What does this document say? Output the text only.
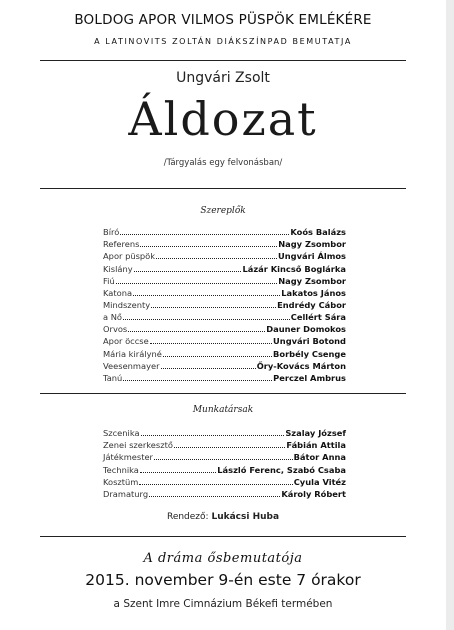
BOLDOG APOR VILMOS PÜSPÖK EMLÉKÉRE
A LATINOVITS ZOLTÁN DIÁKSZÍNPAD BEMUTATJA
Ungvári Zsolt
Áldozat
/Tárgyalás egy felvonásban/
Szereplők
Bíró	Koós Balázs
Referens	Nagy Zsombor
Apor püspök	Ungvári Álmos
Kislány	Lázár Kincső Boglárka
Fiú	Nagy Zsombor
Katona	Lakatos János
Mindszenty	Endrédy Cábor
a Nő	Cellért Sára
Orvos	Dauner Domokos
Apor öccse	Ungvári Botond
Mária királyné	Borbély Csenge
Veesenmayer	Őry-Kovács Márton
Tanú	Perczel Ambrus
Munkatársak
Szcenika	Szalay József
Zenei szerkesztő	Fábián Attila
Játékmester	Bátor Anna
Technika	László Ferenc, Szabó Csaba
Kosztüm	Cyula Vitéz
Dramaturg	Károly Róbert
Rendező: Lukácsi Huba
A dráma ősbemutatója
2015. november 9-én este 7 órakor
a Szent Imre Cimnázium Békefi termében
